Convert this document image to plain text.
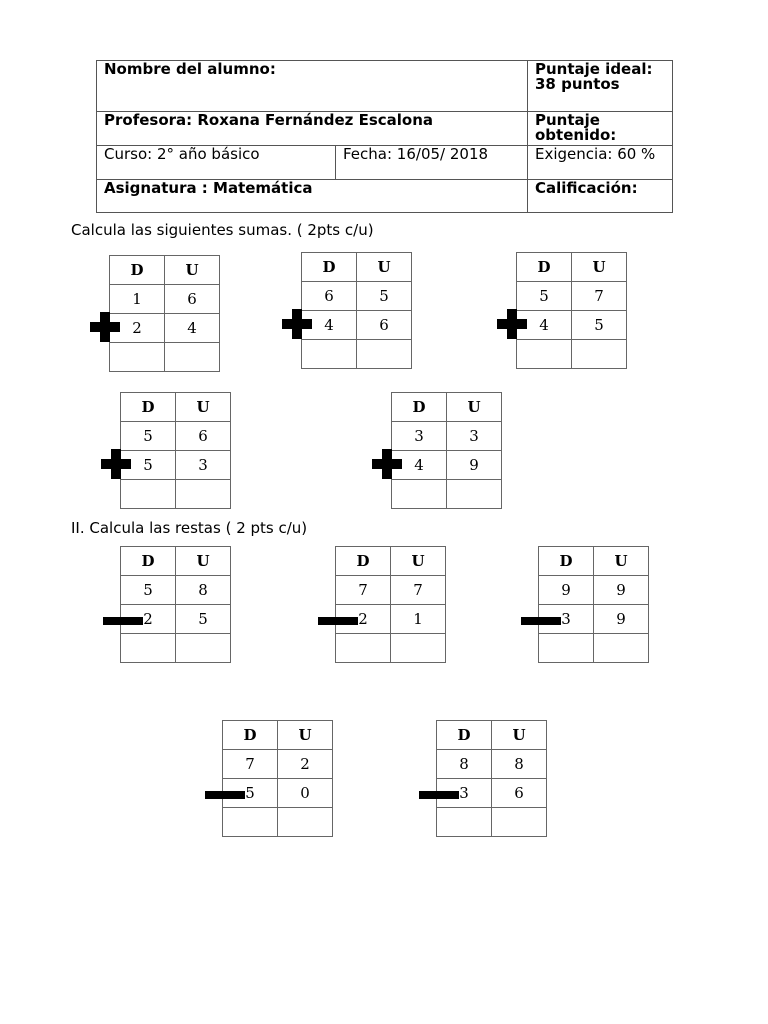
Nombre del alumno:		Puntaje ideal: 38 puntos
Profesora: Roxana Fernández Escalona		Puntaje obtenido:
Curso: 2° año básico	Fecha: 16/05/ 2018	Exigencia: 60 %
Asignatura : Matemática		Calificación:
Calcula las siguientes sumas. ( 2pts c/u)
II. Calcula las restas ( 2 pts c/u)
D	U
1	6
2	4

D	U
6	5
4	6

D	U
5	7
4	5

D	U
5	6
5	3

D	U
3	3
4	9

D	U
5	8
2	5

D	U
7	7
2	1

D	U
9	9
3	9

D	U
7	2
5	0

D	U
8	8
3	6
